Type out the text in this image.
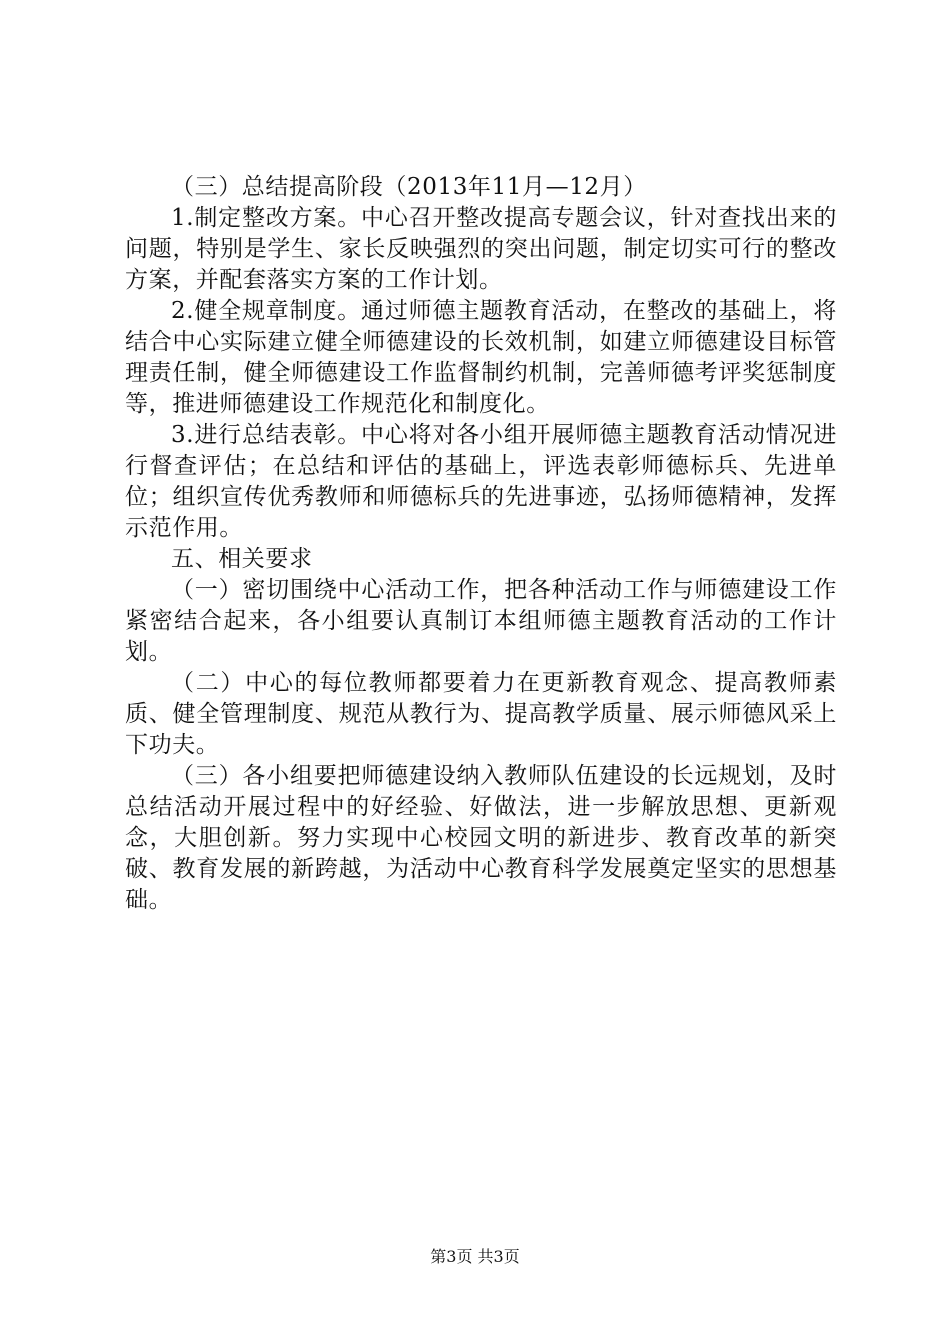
（三）总结提高阶段（2013年11月—12月）

1.制定整改方案。中心召开整改提高专题会议，针对查找出来的问题，特别是学生、家长反映强烈的突出问题，制定切实可行的整改方案，并配套落实方案的工作计划。

2.健全规章制度。通过师德主题教育活动，在整改的基础上，将结合中心实际建立健全师德建设的长效机制，如建立师德建设目标管理责任制，健全师德建设工作监督制约机制，完善师德考评奖惩制度等，推进师德建设工作规范化和制度化。

3.进行总结表彰。中心将对各小组开展师德主题教育活动情况进行督查评估；在总结和评估的基础上，评选表彰师德标兵、先进单位；组织宣传优秀教师和师德标兵的先进事迹，弘扬师德精神，发挥示范作用。

五、相关要求

（一）密切围绕中心活动工作，把各种活动工作与师德建设工作紧密结合起来，各小组要认真制订本组师德主题教育活动的工作计划。

（二）中心的每位教师都要着力在更新教育观念、提高教师素质、健全管理制度、规范从教行为、提高教学质量、展示师德风采上下功夫。

（三）各小组要把师德建设纳入教师队伍建设的长远规划，及时总结活动开展过程中的好经验、好做法，进一步解放思想、更新观念，大胆创新。努力实现中心校园文明的新进步、教育改革的新突破、教育发展的新跨越，为活动中心教育科学发展奠定坚实的思想基础。

第3页 共3页
